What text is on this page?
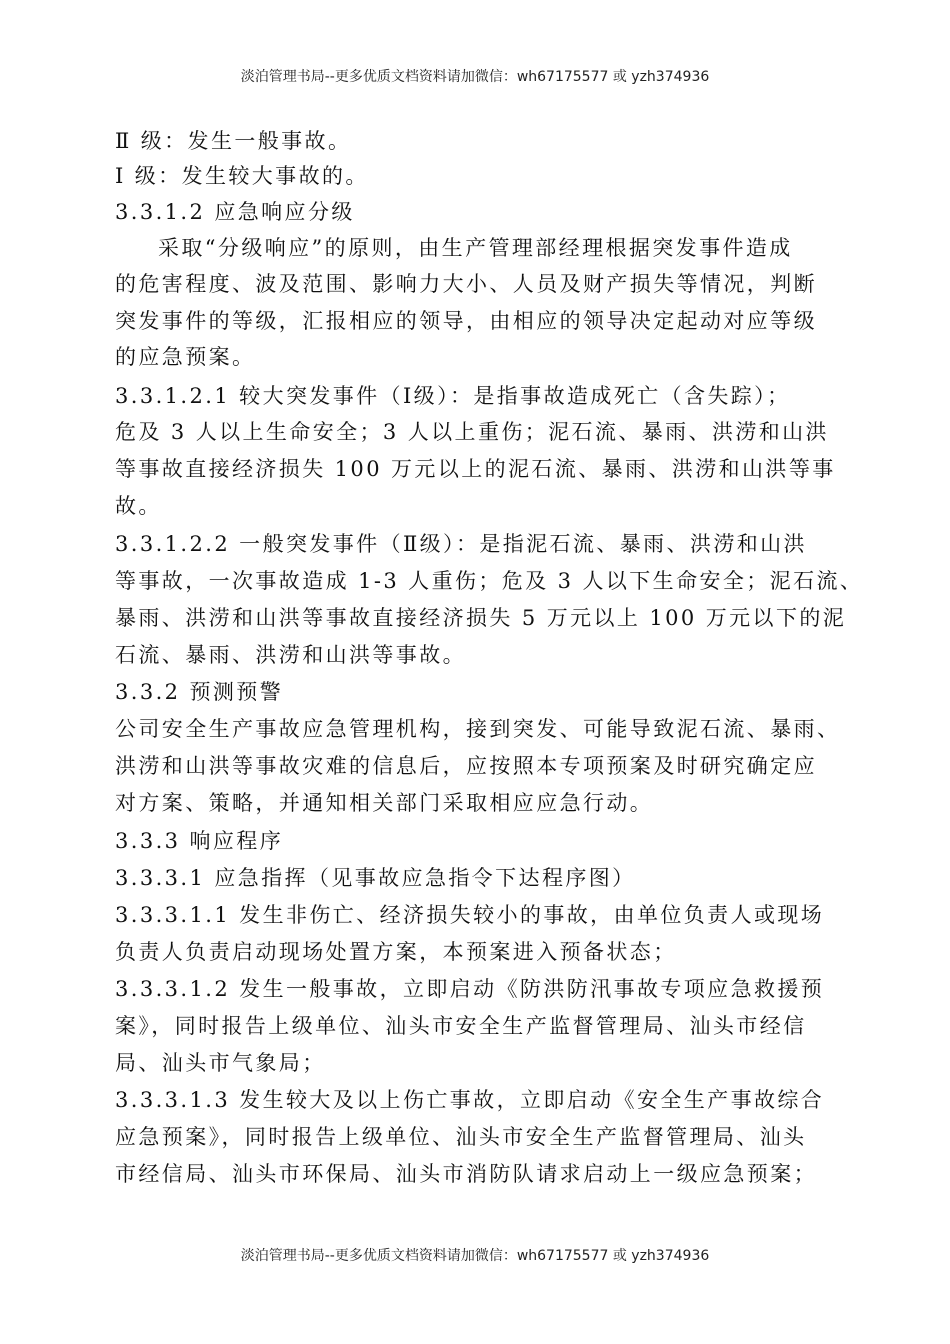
淡泊管理书局--更多优质文档资料请加微信：wh67175577 或 yzh374936
Ⅱ 级：发生一般事故。
Ⅰ 级：发生较大事故的。
3.3.1.2 应急响应分级
采取“分级响应”的原则，由生产管理部经理根据突发事件造成
的危害程度、波及范围、影响力大小、人员及财产损失等情况，判断
突发事件的等级，汇报相应的领导，由相应的领导决定起动对应等级
的应急预案。
3.3.1.2.1 较大突发事件（Ⅰ级）：是指事故造成死亡（含失踪）；
危及 3 人以上生命安全；3 人以上重伤；泥石流、暴雨、洪涝和山洪
等事故直接经济损失 100 万元以上的泥石流、暴雨、洪涝和山洪等事
故。
3.3.1.2.2 一般突发事件（Ⅱ级）：是指泥石流、暴雨、洪涝和山洪
等事故，一次事故造成 1-3 人重伤；危及 3 人以下生命安全；泥石流、
暴雨、洪涝和山洪等事故直接经济损失 5 万元以上 100 万元以下的泥
石流、暴雨、洪涝和山洪等事故。
3.3.2 预测预警
公司安全生产事故应急管理机构，接到突发、可能导致泥石流、暴雨、
洪涝和山洪等事故灾难的信息后，应按照本专项预案及时研究确定应
对方案、策略，并通知相关部门采取相应应急行动。
3.3.3 响应程序
3.3.3.1 应急指挥（见事故应急指令下达程序图）
3.3.3.1.1 发生非伤亡、经济损失较小的事故，由单位负责人或现场
负责人负责启动现场处置方案，本预案进入预备状态；
3.3.3.1.2 发生一般事故，立即启动《防洪防汛事故专项应急救援预
案》，同时报告上级单位、汕头市安全生产监督管理局、汕头市经信
局、汕头市气象局；
3.3.3.1.3 发生较大及以上伤亡事故，立即启动《安全生产事故综合
应急预案》，同时报告上级单位、汕头市安全生产监督管理局、汕头
市经信局、汕头市环保局、汕头市消防队请求启动上一级应急预案；
淡泊管理书局--更多优质文档资料请加微信：wh67175577 或 yzh374936
